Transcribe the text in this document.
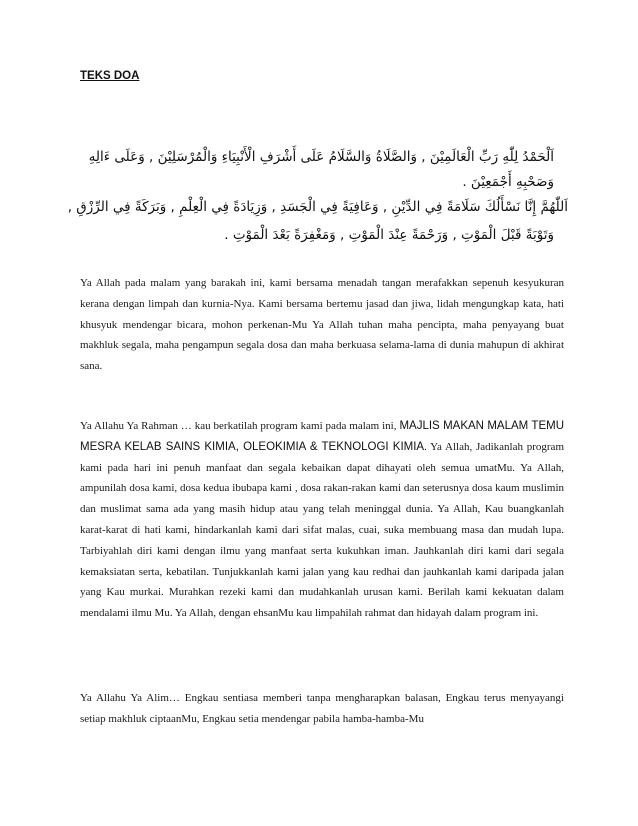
TEKS DOA
اَلْحَمْدُ لِلّٰهِ رَبِّ الْعَالَمِيْنَ , وَالصَّلَاةُ وَالسَّلَامُ عَلَى أَشْرَفِ الْأَنْبِيَاءِ وَالْمُرْسَلِيْنَ , وَعَلَى ءَالِهِ
وَصَحْبِهِ أَجْمَعِيْنَ .
اَللّٰهُمَّ إِنَّا نَسْأَلُكَ سَلَامَةً فِي الدِّيْنِ , وَعَافِيَةً فِي الْجَسَدِ , وَزِيَادَةً فِي الْعِلْمِ , وَبَرَكَةً فِي الرِّزْقِ ,
وَتَوْبَةً قَبْلَ الْمَوْتِ , وَرَحْمَةً عِنْدَ الْمَوْتِ , وَمَغْفِرَةً بَعْدَ الْمَوْتِ .

Ya Allah pada malam yang barakah ini, kami bersama menadah tangan merafakkan sepenuh kesyukuran kerana dengan limpah dan kurnia-Nya. Kami bersama bertemu jasad dan jiwa, lidah mengungkap kata, hati khusyuk mendengar bicara, mohon perkenan-Mu Ya Allah tuhan maha pencipta, maha penyayang buat makhluk segala, maha pengampun segala dosa dan maha berkuasa selama-lama di dunia mahupun di akhirat sana.

Ya Allahu Ya Rahman … kau berkatilah program kami pada malam ini, MAJLIS MAKAN MALAM TEMU MESRA KELAB SAINS KIMIA, OLEOKIMIA & TEKNOLOGI KIMIA. Ya Allah, Jadikanlah program kami pada hari ini penuh manfaat dan segala kebaikan dapat dihayati oleh semua umatMu. Ya Allah, ampunilah dosa kami, dosa kedua ibubapa kami , dosa rakan-rakan kami dan seterusnya dosa kaum muslimin dan muslimat sama ada yang masih hidup atau yang telah meninggal dunia. Ya Allah, Kau buangkanlah karat-karat di hati kami, hindarkanlah kami dari sifat malas, cuai, suka membuang masa dan mudah lupa. Tarbiyahlah diri kami dengan ilmu yang manfaat serta kukuhkan iman. Jauhkanlah diri kami dari segala kemaksiatan serta, kebatilan. Tunjukkanlah kami jalan yang kau redhai dan jauhkanlah kami daripada jalan yang Kau murkai. Murahkan rezeki kami dan mudahkanlah urusan kami. Berilah kami kekuatan dalam mendalami ilmu Mu. Ya Allah, dengan ehsanMu kau limpahilah rahmat dan hidayah dalam program ini.

Ya Allahu Ya Alim… Engkau sentiasa memberi tanpa mengharapkan balasan, Engkau terus menyayangi setiap makhluk ciptaanMu, Engkau setia mendengar pabila hamba-hamba-Mu
